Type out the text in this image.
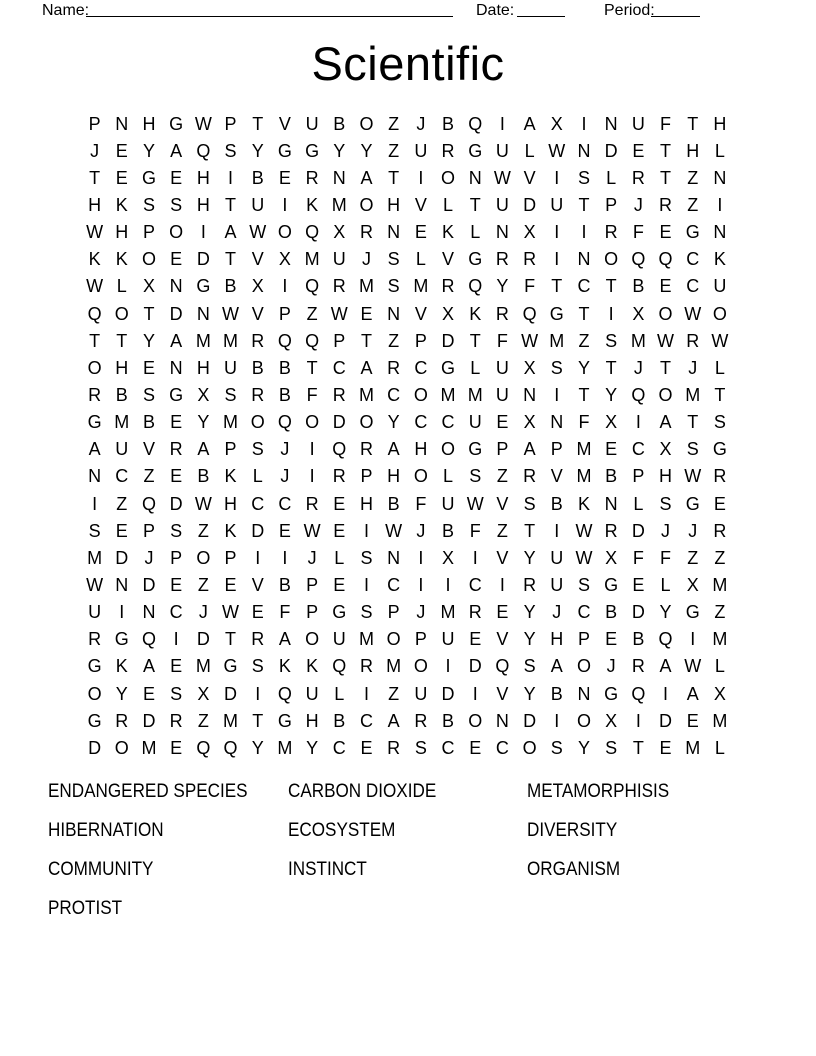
Name:	Date:	Period:
Scientific
P N H G W P T V U B O Z J B Q I	A X	I	N U F T H
J E Y A Q S Y G G Y Y Z U R G U L W N D E T H L
T E G E H	I	B E R N A T	I O N W V	I	S L R T Z N
H K S S H T U	I	K M O H V L T U D U T P J R Z	I
W H P O I	A W O Q X R N E K L N X	I	I	R F E G N
K K O E D T V X M U J S L V G R R	I	N O Q Q C K
W L X N G B X	I Q R M S M R Q Y F T C T B E C U
Q O T D N W V P Z W E N V X K R Q G T	I	X O W O
T T Y A M M R Q Q P T Z P D T F W M Z S M W R W
O H E N H U B B T C A R C G L U X S Y T J T J L
R B S G X S R B F R M C O M M U N	I	T Y Q O M T
G M B E Y M O Q O D O Y C C U E X N F X	I	A T S
A U V R A P S J	I Q R A H O G P A P M E C X S G
N C Z E B K L J	I	R P H O L S Z R V M B P H W R
I	Z Q D W H C C R E H B F U W V S B K N L S G E
S E P S Z K D E W E	I W J B F Z T	I W R D J	J R
M D J P O P	I	I	J L S N	I	X	I	V Y U W X F F Z Z
W N D E Z E V B P E	I	C	I	I	C	I	R U S G E L X M
U	I	N C J W E F P G S P J M R E Y J C B D Y G Z
R G Q I	D T R A O U M O P U E V Y H P E B Q I M
G K A E M G S K K Q R M O I	D Q S A O J R A W L
O Y E S X D	I Q U L	I	Z U D	I	V Y B N G Q I	A X
G R D R Z M T G H B C A R B O N D	I O X	I	D E M
D O M E Q Q Y M Y C E R S C E C O S Y S T E M L
ENDANGERED SPECIES
HIBERNATION
COMMUNITY
PROTIST
CARBON DIOXIDE
ECOSYSTEM
INSTINCT
METAMORPHISIS
DIVERSITY
ORGANISM
